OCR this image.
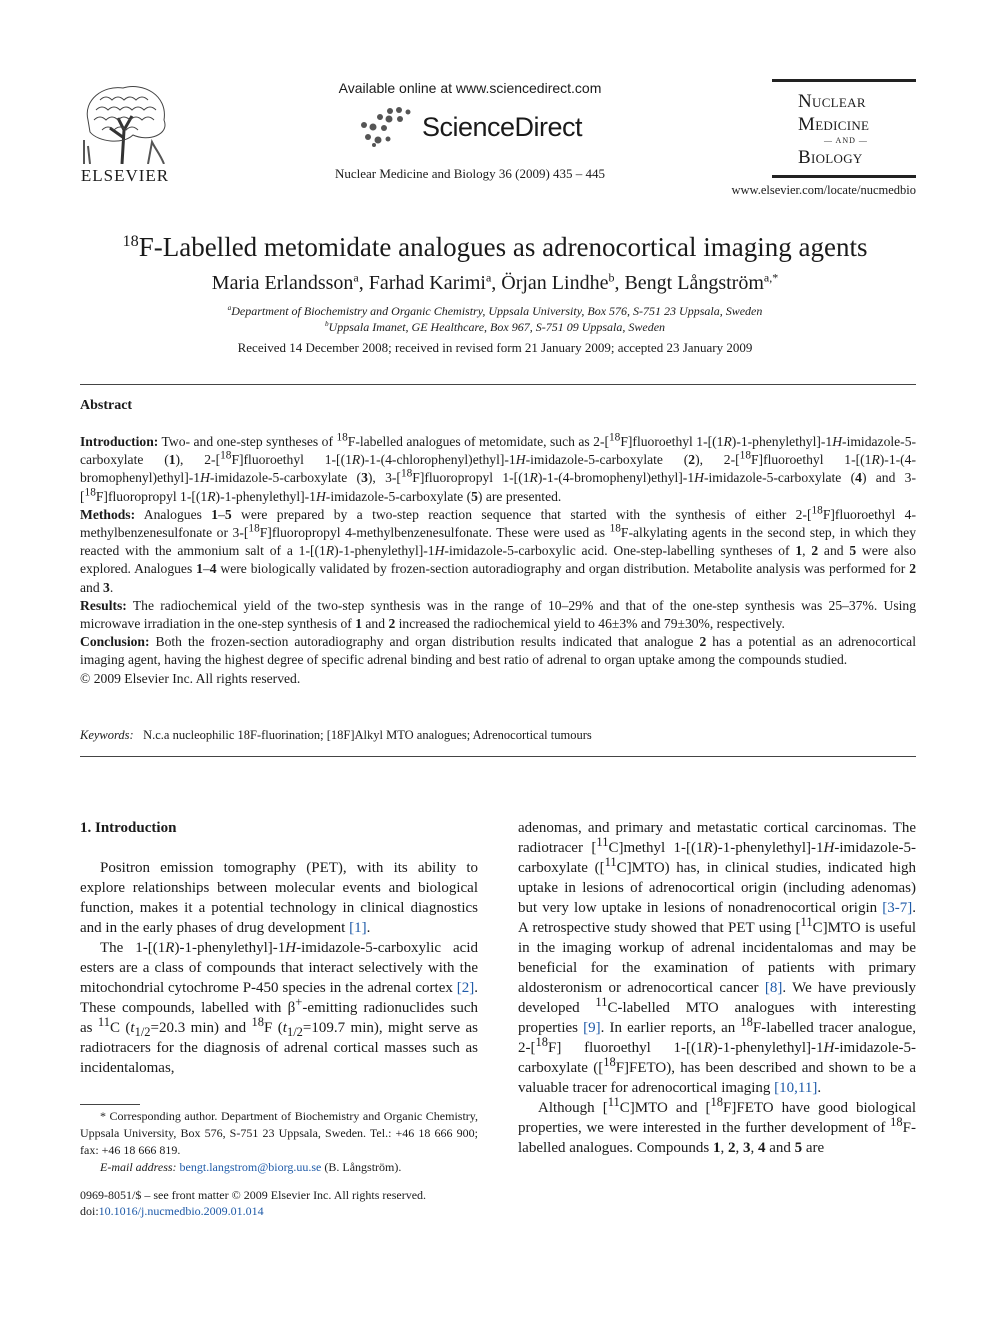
ELSEVIER
Available online at www.sciencedirect.com
ScienceDirect
Nuclear Medicine and Biology 36 (2009) 435 – 445
Nuclear
Medicine
— AND —
Biology
www.elsevier.com/locate/nucmedbio
$^{18}$F-Labelled metomidate analogues as adrenocortical imaging agents
Maria Erlandsson$^a$, Farhad Karimi$^a$, Örjan Lindhe$^b$, Bengt Långström$^{a,*}$
$^a$Department of Biochemistry and Organic Chemistry, Uppsala University, Box 576, S-751 23 Uppsala, Sweden
$^b$Uppsala Imanet, GE Healthcare, Box 967, S-751 09 Uppsala, Sweden
Received 14 December 2008; received in revised form 21 January 2009; accepted 23 January 2009
Abstract

Introduction: Two- and one-step syntheses of $^{18}$F-labelled analogues of metomidate, such as 2-[$^{18}$F]fluoroethyl 1-[(1R)-1-phenylethyl]-1H-imidazole-5-carboxylate (1), 2-[$^{18}$F]fluoroethyl 1-[(1R)-1-(4-chlorophenyl)ethyl]-1H-imidazole-5-carboxylate (2), 2-[$^{18}$F]fluoroethyl 1-[(1R)-1-(4-bromophenyl)ethyl]-1H-imidazole-5-carboxylate (3), 3-[$^{18}$F]fluoropropyl 1-[(1R)-1-(4-bromophenyl)ethyl]-1H-imidazole-5-carboxylate (4) and 3-[$^{18}$F]fluoropropyl 1-[(1R)-1-phenylethyl]-1H-imidazole-5-carboxylate (5) are presented.

Methods: Analogues 1–5 were prepared by a two-step reaction sequence that started with the synthesis of either 2-[$^{18}$F]fluoroethyl 4-methylbenzenesulfonate or 3-[$^{18}$F]fluoropropyl 4-methylbenzenesulfonate. These were used as $^{18}$F-alkylating agents in the second step, in which they reacted with the ammonium salt of a 1-[(1R)-1-phenylethyl]-1H-imidazole-5-carboxylic acid. One-step-labelling syntheses of 1, 2 and 5 were also explored. Analogues 1–4 were biologically validated by frozen-section autoradiography and organ distribution. Metabolite analysis was performed for 2 and 3.

Results: The radiochemical yield of the two-step synthesis was in the range of 10–29% and that of the one-step synthesis was 25–37%. Using microwave irradiation in the one-step synthesis of 1 and 2 increased the radiochemical yield to 46±3% and 79±30%, respectively.

Conclusion: Both the frozen-section autoradiography and organ distribution results indicated that analogue 2 has a potential as an adrenocortical imaging agent, having the highest degree of specific adrenal binding and best ratio of adrenal to organ uptake among the compounds studied.

© 2009 Elsevier Inc. All rights reserved.

Keywords: N.c.a nucleophilic 18F-fluorination; [18F]Alkyl MTO analogues; Adrenocortical tumours

1. Introduction

Positron emission tomography (PET), with its ability to explore relationships between molecular events and biological function, makes it a potential technology in clinical diagnostics and in the early phases of drug development [1].

The 1-[(1R)-1-phenylethyl]-1H-imidazole-5-carboxylic acid esters are a class of compounds that interact selectively with the mitochondrial cytochrome P-450 species in the adrenal cortex [2]. These compounds, labelled with β+-emitting radionuclides such as $^{11}$C ($t_{1/2}=20.3$ min) and $^{18}$F ($t_{1/2}=109.7$ min), might serve as radiotracers for the diagnosis of adrenal cortical masses such as incidentalomas,

adenomas, and primary and metastatic cortical carcinomas. The radiotracer [$^{11}$C]methyl 1-[(1R)-1-phenylethyl]-1H-imidazole-5-carboxylate ([$^{11}$C]MTO) has, in clinical studies, indicated high uptake in lesions of adrenocortical origin (including adenomas) but very low uptake in lesions of nonadrenocortical origin [3-7]. A retrospective study showed that PET using [$^{11}$C]MTO is useful in the imaging workup of adrenal incidentalomas and may be beneficial for the examination of patients with primary aldosteronism or adrenocortical cancer [8]. We have previously developed $^{11}$C-labelled MTO analogues with interesting properties [9]. In earlier reports, an $^{18}$F-labelled tracer analogue, 2-[$^{18}$F] fluoroethyl 1-[(1R)-1-phenylethyl]-1H-imidazole-5-carboxylate ([$^{18}$F]FETO), has been described and shown to be a valuable tracer for adrenocortical imaging [10,11].

Although [$^{11}$C]MTO and [$^{18}$F]FETO have good biological properties, we were interested in the further development of $^{18}$F-labelled analogues. Compounds 1, 2, 3, 4 and 5 are

* Corresponding author. Department of Biochemistry and Organic Chemistry, Uppsala University, Box 576, S-751 23 Uppsala, Sweden. Tel.: +46 18 666 900; fax: +46 18 666 819.

E-mail address: bengt.langstrom@biorg.uu.se (B. Långström).

0969-8051/$ – see front matter © 2009 Elsevier Inc. All rights reserved.
doi:10.1016/j.nucmedbio.2009.01.014
